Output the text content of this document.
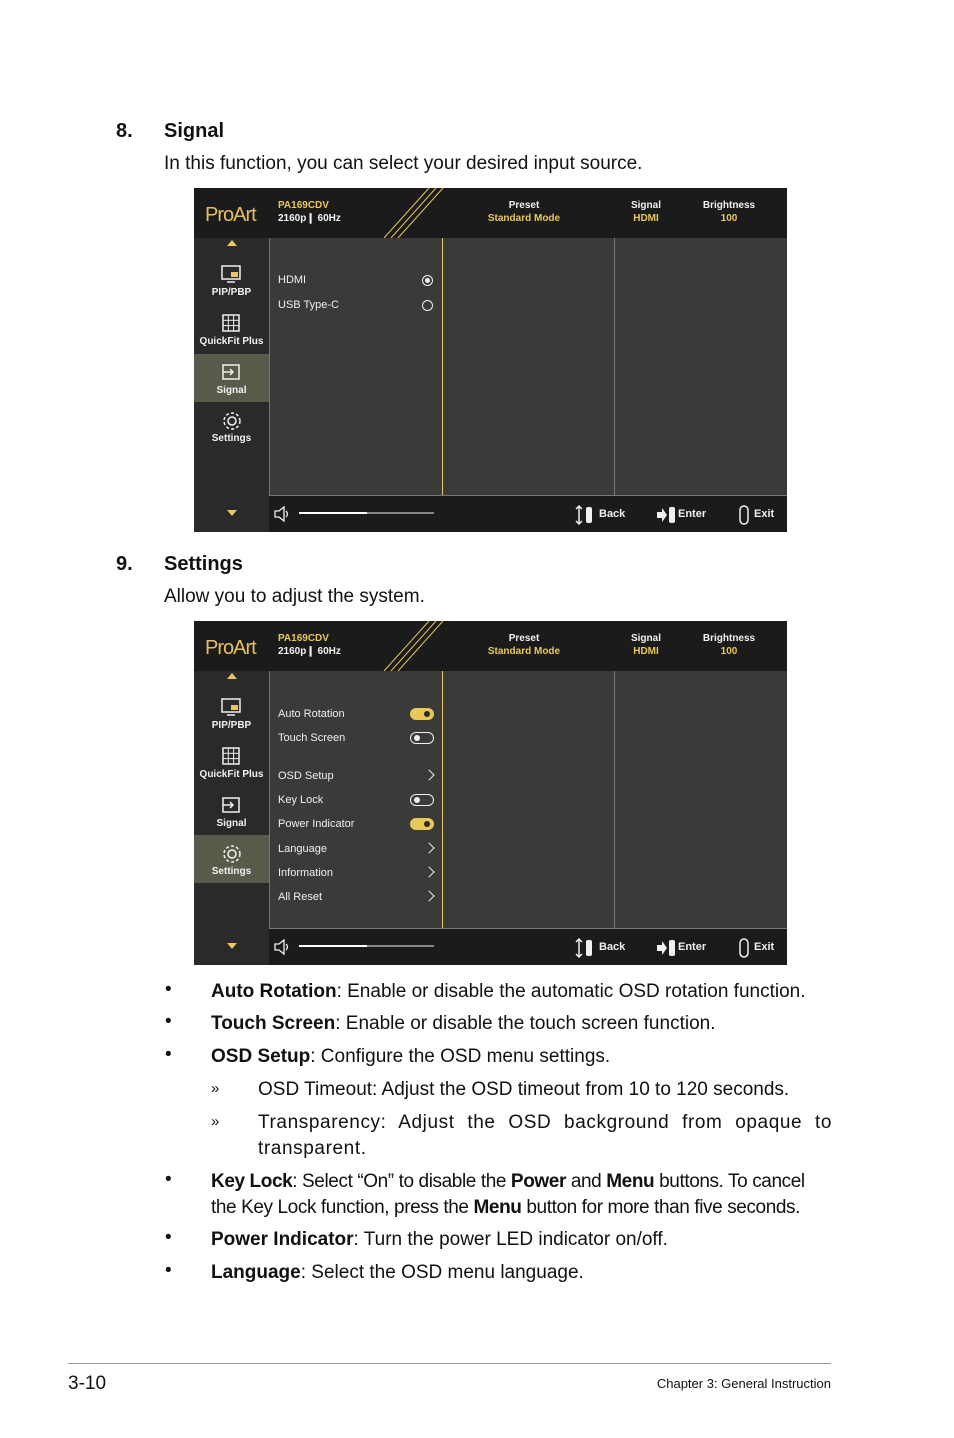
8. Signal
In this function, you can select your desired input source.
ProArt PA169CDV
2160p❙ 60Hz
Preset
Standard Mode
Signal
HDMI
Brightness
100
PIP/PBP
QuickFit Plus
Signal
Settings
HDMI
USB Type-C
Back	Enter	Exit
9. Settings
Allow you to adjust the system.
ProArt PA169CDV
2160p❙ 60Hz
Preset
Standard Mode
Signal
HDMI
Brightness
100
PIP/PBP
QuickFit Plus
Signal
Settings
Auto Rotation
Touch Screen
OSD Setup
Key Lock
Power Indicator
Language
Information
All Reset
Back	Enter	Exit
• Auto Rotation: Enable or disable the automatic OSD rotation function.
• Touch Screen: Enable or disable the touch screen function.
• OSD Setup: Configure the OSD menu settings.
» OSD Timeout: Adjust the OSD timeout from 10 to 120 seconds.
» Transparency: Adjust the OSD background from opaque to transparent.
• Key Lock: Select “On” to disable the Power and Menu buttons. To cancel the Key Lock function, press the Menu button for more than five seconds.
• Power Indicator: Turn the power LED indicator on/off.
• Language: Select the OSD menu language.
3-10	Chapter 3: General Instruction
